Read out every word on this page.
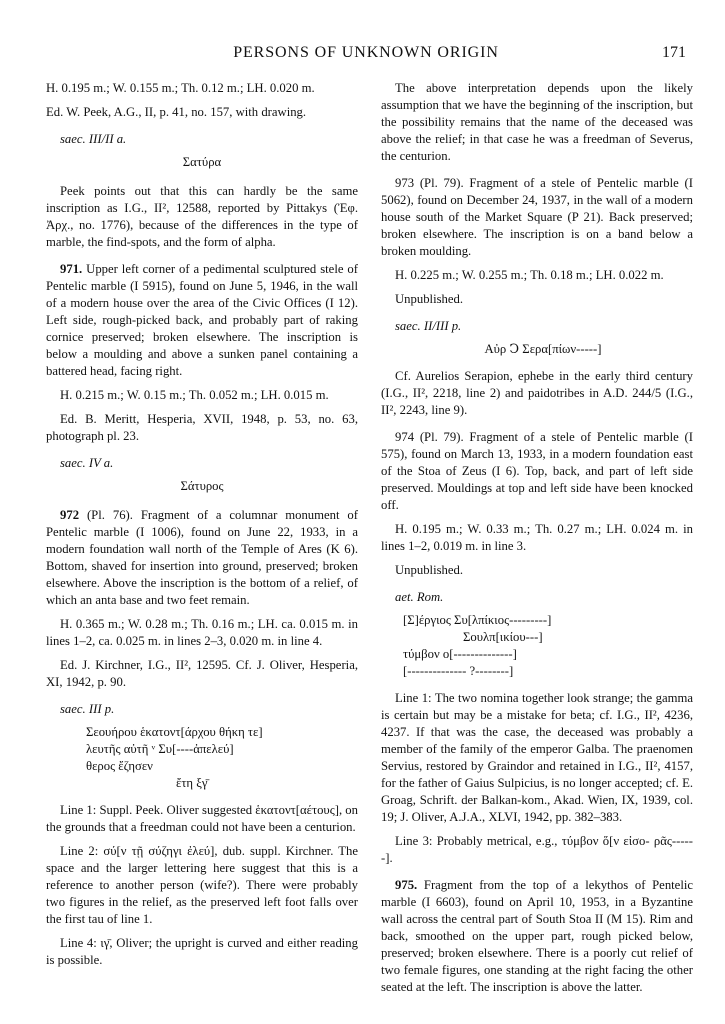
PERSONS OF UNKNOWN ORIGIN	171

H. 0.195 m.; W. 0.155 m.; Th. 0.12 m.; LH. 0.020 m.

Ed. W. Peek, A.G., II, p. 41, no. 157, with drawing.

saec. III/II a.
Σατύρα

Peek points out that this can hardly be the same inscription as I.G., II², 12588, reported by Pittakys (Ἐφ. Ἀρχ., no. 1776), because of the differences in the type of marble, the find-spots, and the form of alpha.

971. Upper left corner of a pedimental sculptured stele of Pentelic marble (I 5915), found on June 5, 1946, in the wall of a modern house over the area of the Civic Offices (I 12). Left side, rough-picked back, and probably part of raking cornice preserved; broken elsewhere. The inscription is below a moulding and above a sunken panel containing a battered head, facing right.

H. 0.215 m.; W. 0.15 m.; Th. 0.052 m.; LH. 0.015 m.

Ed. B. Meritt, Hesperia, XVII, 1948, p. 53, no. 63, photograph pl. 23.

saec. IV a.
Σάτυρος

972 (Pl. 76). Fragment of a columnar monument of Pentelic marble (I 1006), found on June 22, 1933, in a modern foundation wall north of the Temple of Ares (K 6). Bottom, shaved for insertion into ground, preserved; broken elsewhere. Above the inscription is the bottom of a relief, of which an anta base and two feet remain.

H. 0.365 m.; W. 0.28 m.; Th. 0.16 m.; LH. ca. 0.015 m. in lines 1–2, ca. 0.025 m. in lines 2–3, 0.020 m. in line 4.

Ed. J. Kirchner, I.G., II², 12595. Cf. J. Oliver, Hesperia, XI, 1942, p. 90.

saec. III p.
Σεουήρου ἑκατοντ[άρχου θήκη τε]
λευτῆς αὐτῆ ᵛ Συ[----ἀπελεύ]
θερος ἔζησεν
ἔτη ξγ̄

Line 1: Suppl. Peek. Oliver suggested ἑκατοντ[αέτους], on the grounds that a freedman could not have been a centurion.

Line 2: σύ[ν τῇ σύζηγι ἐλεύ], dub. suppl. Kirchner. The space and the larger lettering here suggest that this is a reference to another person (wife?). There were probably two figures in the relief, as the preserved left foot falls over the first tau of line 1.

Line 4: ιγ̄, Oliver; the upright is curved and either reading is possible.

The above interpretation depends upon the likely assumption that we have the beginning of the inscription, but the possibility remains that the name of the deceased was above the relief; in that case he was a freedman of Severus, the centurion.

973 (Pl. 79). Fragment of a stele of Pentelic marble (I 5062), found on December 24, 1937, in the wall of a modern house south of the Market Square (P 21). Back preserved; broken elsewhere. The inscription is on a band below a broken moulding.

H. 0.225 m.; W. 0.255 m.; Th. 0.18 m.; LH. 0.022 m.

Unpublished.

saec. II/III p.
Αὐρ Ↄ Σερα[πίων-----]

Cf. Aurelios Serapion, ephebe in the early third century (I.G., II², 2218, line 2) and paidotribes in A.D. 244/5 (I.G., II², 2243, line 9).

974 (Pl. 79). Fragment of a stele of Pentelic marble (I 575), found on March 13, 1933, in a modern foundation east of the Stoa of Zeus (I 6). Top, back, and part of left side preserved. Mouldings at top and left side have been knocked off.

H. 0.195 m.; W. 0.33 m.; Th. 0.27 m.; LH. 0.024 m. in lines 1–2, 0.019 m. in line 3.

Unpublished.

aet. Rom.
[Σ]έργιος Συ[λπίκιος---------]
Σουλπ[ικίου---]
τύμβον ο[--------------]
[-------------- ?--------]

Line 1: The two nomina together look strange; the gamma is certain but may be a mistake for beta; cf. I.G., II², 4236, 4237. If that was the case, the deceased was probably a member of the family of the emperor Galba. The praenomen Servius, restored by Graindor and retained in I.G., II², 4157, for the father of Gaius Sulpicius, is no longer accepted; cf. E. Groag, Schrift. der Balkan-kom., Akad. Wien, IX, 1939, col. 19; J. Oliver, A.J.A., XLVI, 1942, pp. 382–383.

Line 3: Probably metrical, e.g., τύμβον ὅ[ν εἰσο- ρᾶς------].

975. Fragment from the top of a lekythos of Pentelic marble (I 6603), found on April 10, 1953, in a Byzantine wall across the central part of South Stoa II (M 15). Rim and back, smoothed on the upper part, rough picked below, preserved; broken elsewhere. There is a poorly cut relief of two female figures, one standing at the right facing the other seated at the left. The inscription is above the latter.
